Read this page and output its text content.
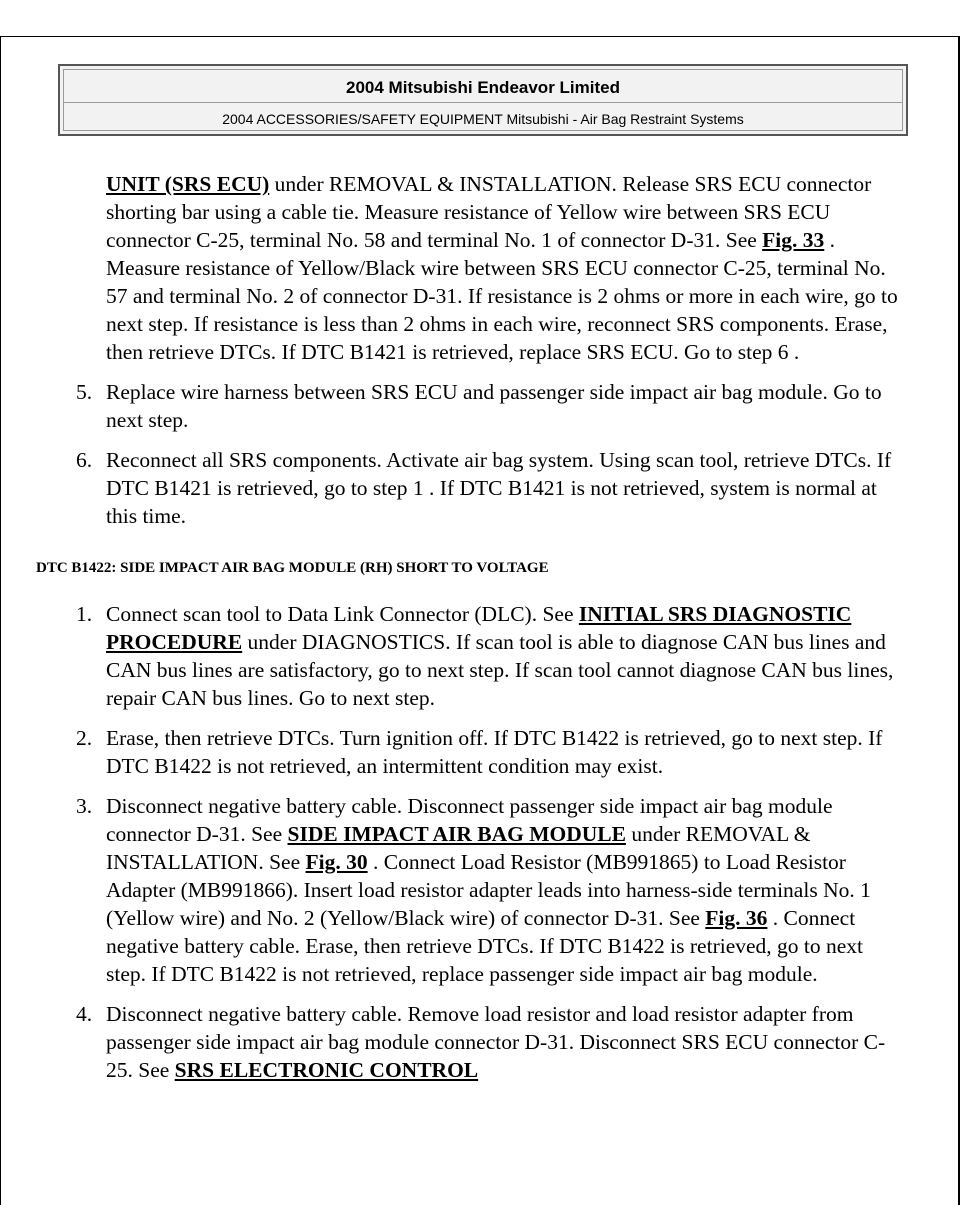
2004 Mitsubishi Endeavor Limited
2004 ACCESSORIES/SAFETY EQUIPMENT Mitsubishi - Air Bag Restraint Systems

UNIT (SRS ECU) under REMOVAL & INSTALLATION. Release SRS ECU connector shorting bar using a cable tie. Measure resistance of Yellow wire between SRS ECU connector C-25, terminal No. 58 and terminal No. 1 of connector D-31. See Fig. 33 . Measure resistance of Yellow/Black wire between SRS ECU connector C-25, terminal No. 57 and terminal No. 2 of connector D-31. If resistance is 2 ohms or more in each wire, go to next step. If resistance is less than 2 ohms in each wire, reconnect SRS components. Erase, then retrieve DTCs. If DTC B1421 is retrieved, replace SRS ECU. Go to step 6 .

5. Replace wire harness between SRS ECU and passenger side impact air bag module. Go to next step.
6. Reconnect all SRS components. Activate air bag system. Using scan tool, retrieve DTCs. If DTC B1421 is retrieved, go to step 1 . If DTC B1421 is not retrieved, system is normal at this time.
DTC B1422: SIDE IMPACT AIR BAG MODULE (RH) SHORT TO VOLTAGE
1. Connect scan tool to Data Link Connector (DLC). See INITIAL SRS DIAGNOSTIC PROCEDURE under DIAGNOSTICS. If scan tool is able to diagnose CAN bus lines and CAN bus lines are satisfactory, go to next step. If scan tool cannot diagnose CAN bus lines, repair CAN bus lines. Go to next step.
2. Erase, then retrieve DTCs. Turn ignition off. If DTC B1422 is retrieved, go to next step. If DTC B1422 is not retrieved, an intermittent condition may exist.
3. Disconnect negative battery cable. Disconnect passenger side impact air bag module connector D-31. See SIDE IMPACT AIR BAG MODULE under REMOVAL & INSTALLATION. See Fig. 30 . Connect Load Resistor (MB991865) to Load Resistor Adapter (MB991866). Insert load resistor adapter leads into harness-side terminals No. 1 (Yellow wire) and No. 2 (Yellow/Black wire) of connector D-31. See Fig. 36 . Connect negative battery cable. Erase, then retrieve DTCs. If DTC B1422 is retrieved, go to next step. If DTC B1422 is not retrieved, replace passenger side impact air bag module.
4. Disconnect negative battery cable. Remove load resistor and load resistor adapter from passenger side impact air bag module connector D-31. Disconnect SRS ECU connector C-25. See SRS ELECTRONIC CONTROL
